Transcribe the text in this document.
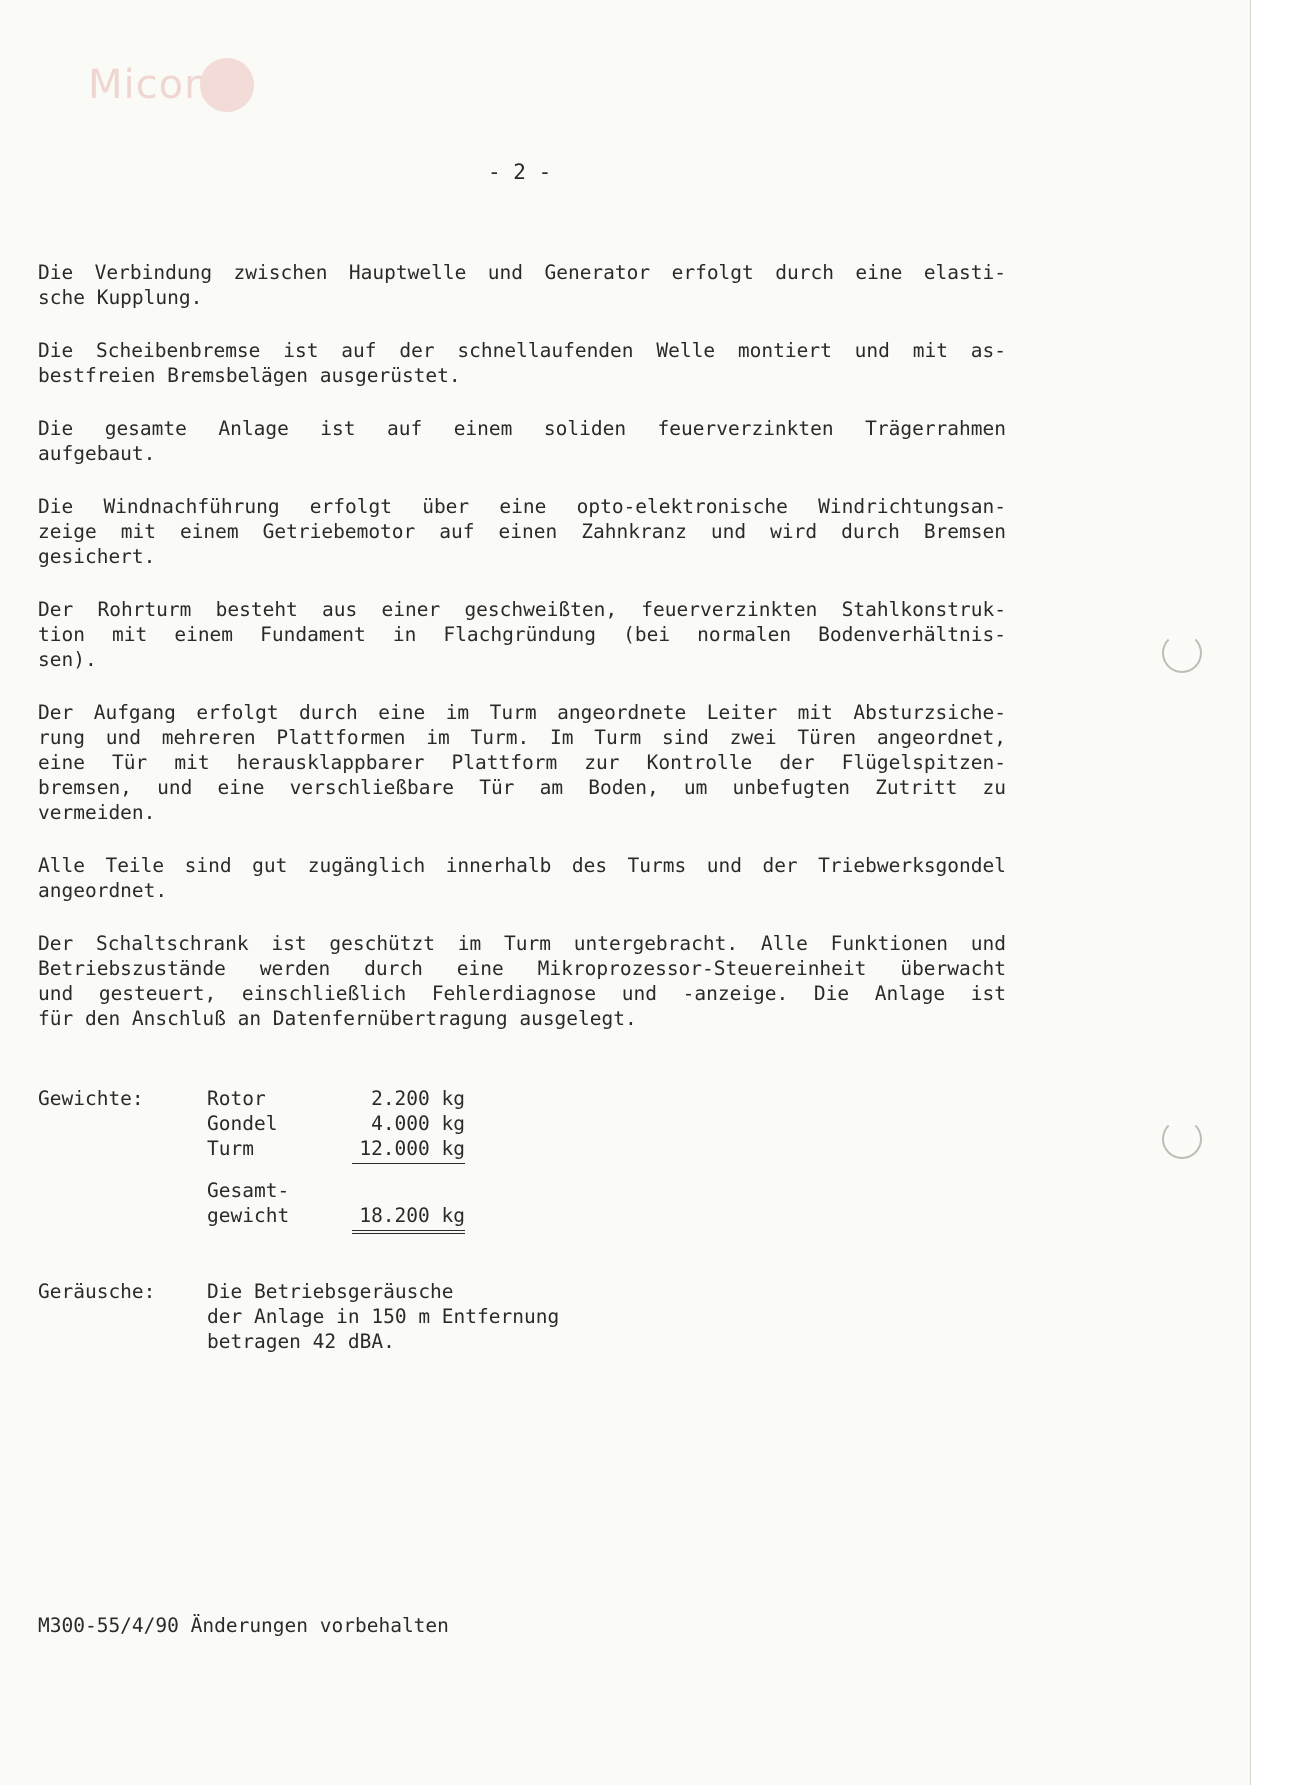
Micon
- 2 -
Die Verbindung zwischen Hauptwelle und Generator erfolgt durch eine elasti-
sche Kupplung.
Die Scheibenbremse ist auf der schnellaufenden Welle montiert und mit as-
bestfreien Bremsbelägen ausgerüstet.
Die gesamte Anlage ist auf einem soliden feuerverzinkten Trägerrahmen
aufgebaut.
Die Windnachführung erfolgt über eine opto-elektronische Windrichtungsan-
zeige mit einem Getriebemotor auf einen Zahnkranz und wird durch Bremsen
gesichert.
Der Rohrturm besteht aus einer geschweißten, feuerverzinkten Stahlkonstruk-
tion mit einem Fundament in Flachgründung (bei normalen Bodenverhältnis-
sen).
Der Aufgang erfolgt durch eine im Turm angeordnete Leiter mit Absturzsiche-
rung und mehreren Plattformen im Turm. Im Turm sind zwei Türen angeordnet,
eine Tür mit herausklappbarer Plattform zur Kontrolle der Flügelspitzen-
bremsen, und eine verschließbare Tür am Boden, um unbefugten Zutritt zu
vermeiden.
Alle Teile sind gut zugänglich innerhalb des Turms und der Triebwerksgondel
angeordnet.
Der Schaltschrank ist geschützt im Turm untergebracht. Alle Funktionen und
Betriebszustände werden durch eine Mikroprozessor-Steuereinheit überwacht
und gesteuert, einschließlich Fehlerdiagnose und -anzeige. Die Anlage ist
für den Anschluß an Datenfernübertragung ausgelegt.
Gewichte:	Rotor	2.200 kg
Gondel	4.000 kg
Turm	12.000 kg
Gesamt-
gewicht	18.200 kg
Geräusche:	Die Betriebsgeräusche
der Anlage in 150 m Entfernung
betragen 42 dBA.
M300-55/4/90 Änderungen vorbehalten
